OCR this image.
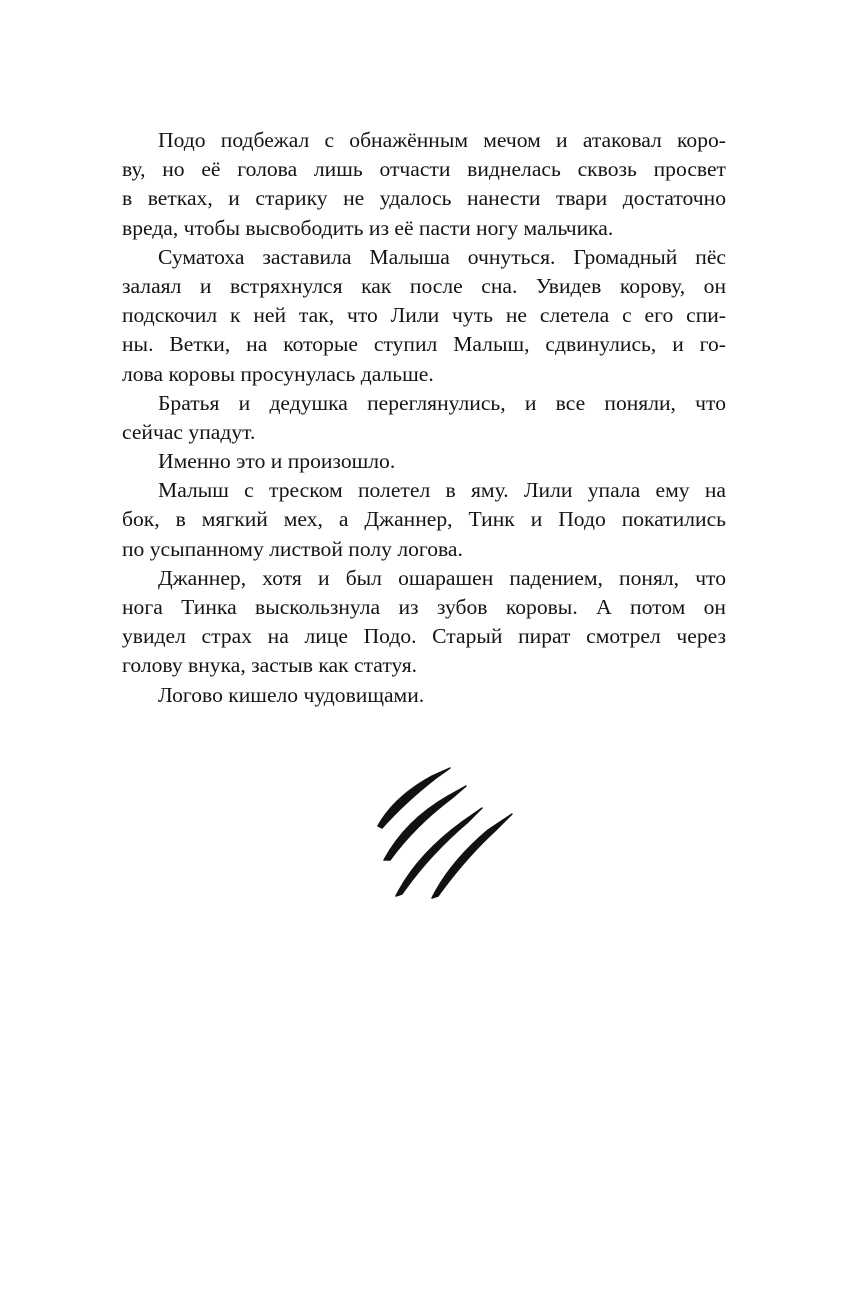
Подо подбежал с обнажённым мечом и атаковал коро-
ву, но её голова лишь отчасти виднелась сквозь просвет
в ветках, и старику не удалось нанести твари достаточно
вреда, чтобы высвободить из её пасти ногу мальчика.

Суматоха заставила Малыша очнуться. Громадный пёс
залаял и встряхнулся как после сна. Увидев корову, он
подскочил к ней так, что Лили чуть не слетела с его спи-
ны. Ветки, на которые ступил Малыш, сдвинулись, и го-
лова коровы просунулась дальше.

Братья и дедушка переглянулись, и все поняли, что
сейчас упадут.

Именно это и произошло.

Малыш с треском полетел в яму. Лили упала ему на
бок, в мягкий мех, а Джаннер, Тинк и Подо покатились
по усыпанному листвой полу логова.

Джаннер, хотя и был ошарашен падением, понял, что
нога Тинка выскользнула из зубов коровы. А потом он
увидел страх на лице Подо. Старый пират смотрел через
голову внука, застыв как статуя.

Логово кишело чудовищами.
